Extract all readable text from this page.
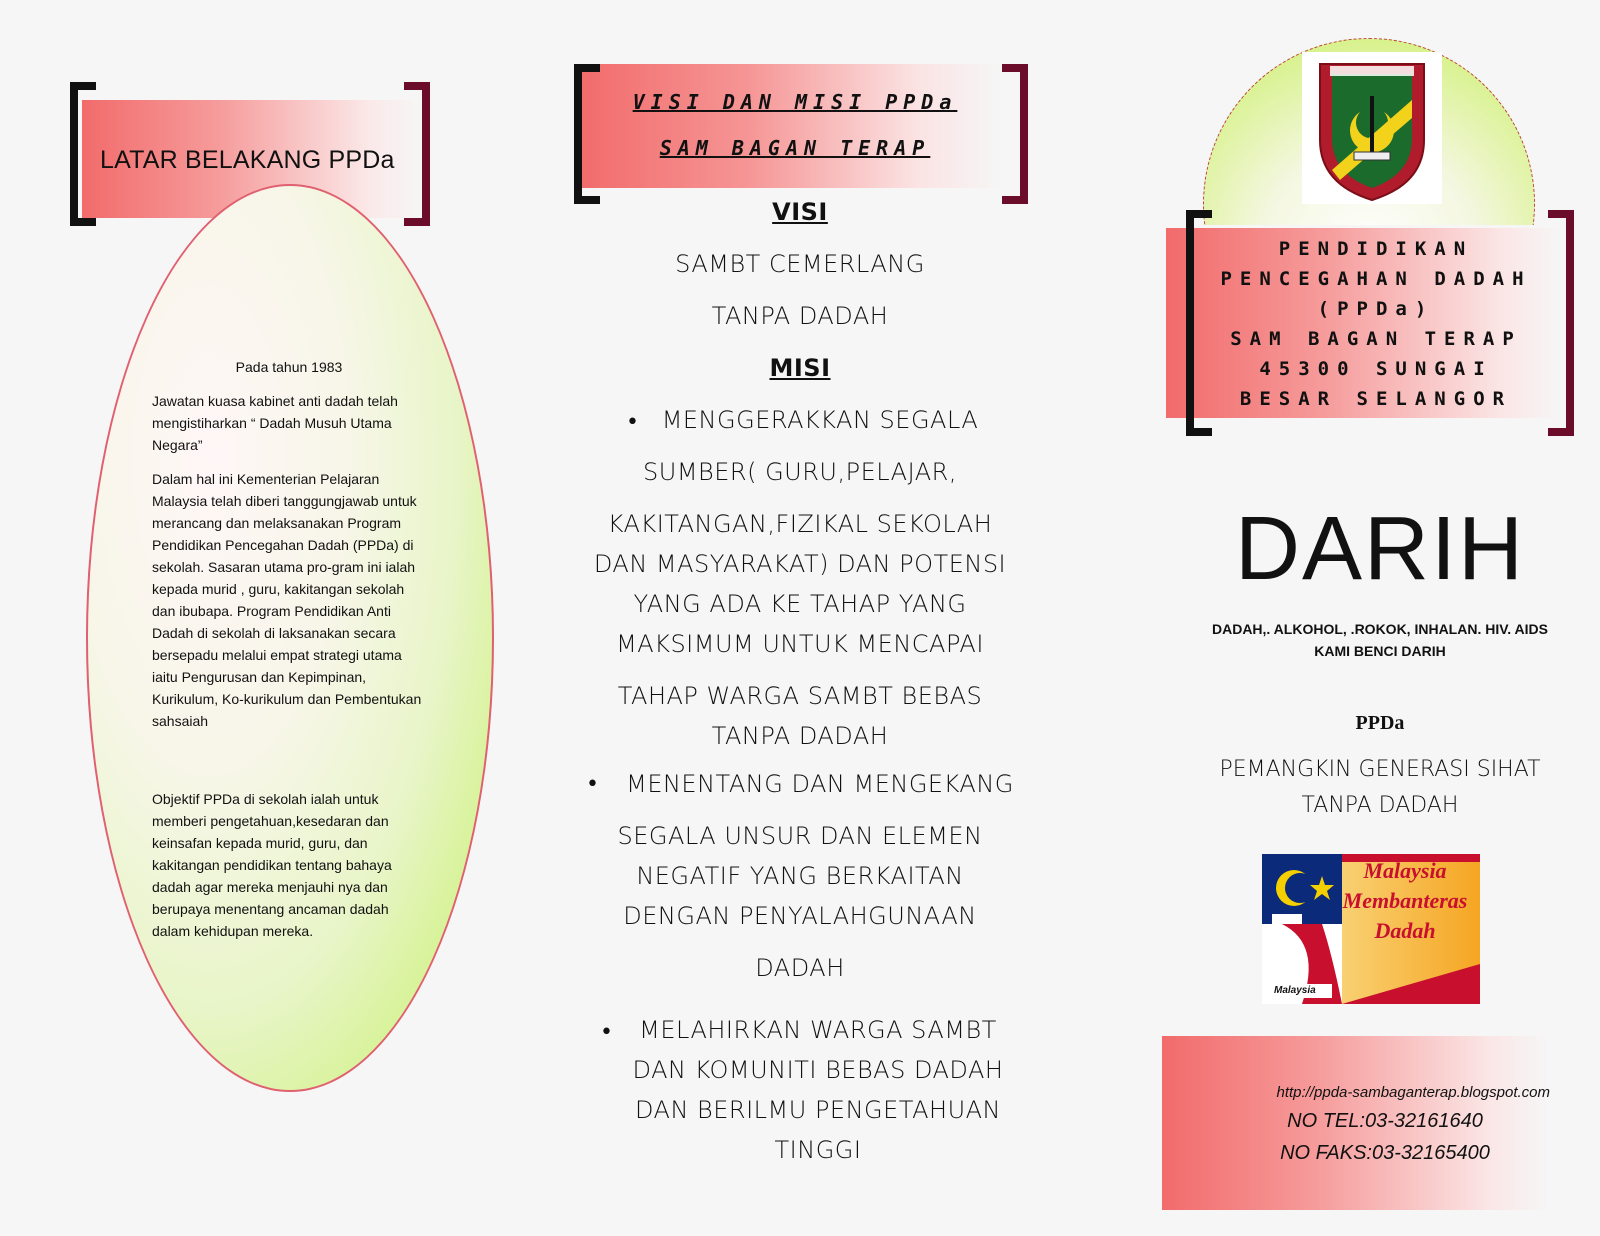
LATAR BELAKANG PPDa

Pada tahun 1983

Jawatan kuasa kabinet anti dadah telah mengistiharkan “ Dadah Musuh Utama Negara”

Dalam hal ini Kementerian Pelajaran Malaysia telah diberi tanggungjawab untuk merancang dan melaksanakan Program Pendidikan Pencegahan Dadah (PPDa) di sekolah. Sasaran utama pro-gram ini ialah kepada murid , guru, kakitangan sekolah dan ibubapa. Program Pendidikan Anti Dadah di sekolah di laksanakan secara bersepadu melalui empat strategi utama iaitu Pengurusan dan Kepimpinan, Kurikulum, Ko-kurikulum dan Pembentukan sahsaiah

Objektif PPDa di sekolah ialah untuk memberi pengetahuan,kesedaran dan keinsafan kepada murid, guru, dan kakitangan pendidikan tentang bahaya dadah agar mereka menjauhi nya dan berupaya menentang ancaman dadah dalam kehidupan mereka.

VISI DAN MISI PPDa
SAM BAGAN TERAP
VISI
SAMBT CEMERLANG
TANPA DADAH
MISI
• MENGGERAKKAN SEGALA
SUMBER( GURU,PELAJAR,
KAKITANGAN,FIZIKAL SEKOLAH
DAN MASYARAKAT) DAN POTENSI
YANG ADA KE TAHAP YANG
MAKSIMUM UNTUK MENCAPAI
TAHAP WARGA SAMBT BEBAS
TANPA DADAH
•	MENENTANG DAN MENGEKANG
SEGALA UNSUR DAN ELEMEN
NEGATIF YANG BERKAITAN
DENGAN PENYALAHGUNAAN
DADAH
•	MELAHIRKAN WARGA SAMBT
DAN KOMUNITI BEBAS DADAH
DAN BERILMU PENGETAHUAN
TINGGI
PENDIDIKAN
PENCEGAHAN DADAH
(PPDa)
SAM BAGAN TERAP
45300 SUNGAI
BESAR SELANGOR
DARIH
DADAH,. ALKOHOL, .ROKOK, INHALAN. HIV. AIDS
KAMI BENCI DARIH
PPDa
PEMANGKIN GENERASI SIHAT
TANPA DADAH
Malaysia
Membanteras
Dadah
Malaysia
http://ppda-sambaganterap.blogspot.com
NO TEL:03-32161640
NO FAKS:03-32165400
